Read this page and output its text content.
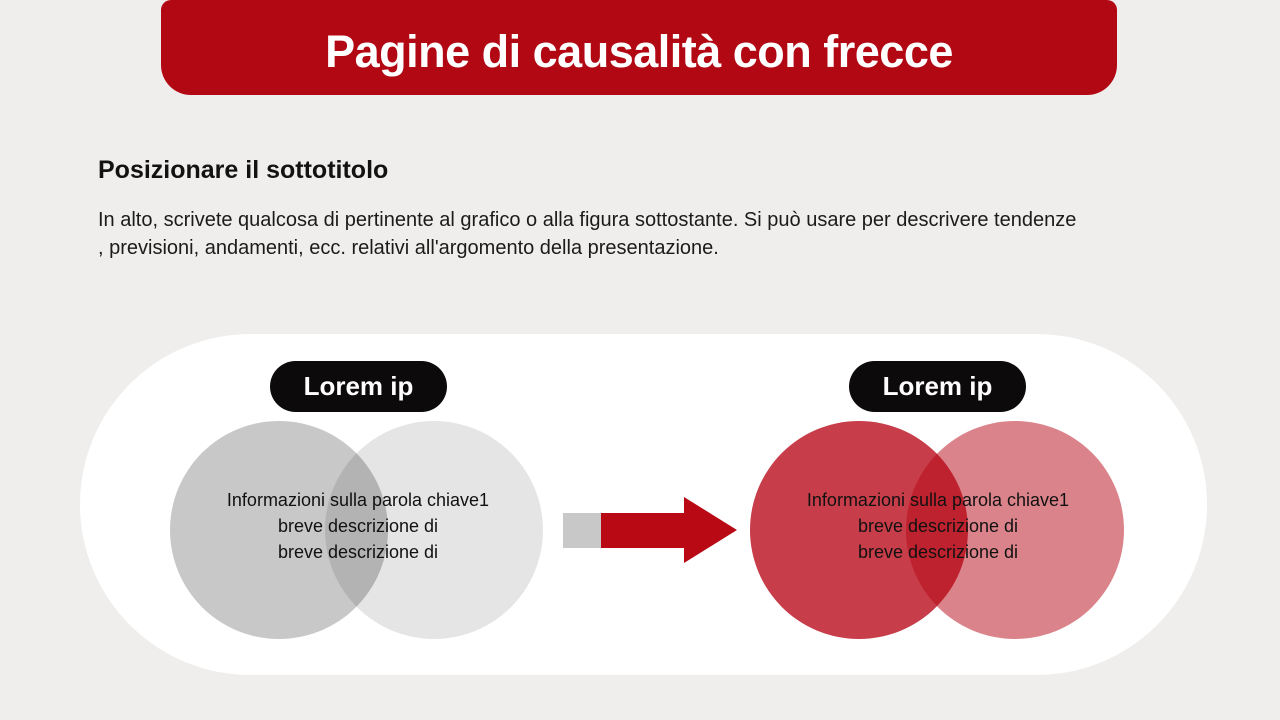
Pagine di causalità con frecce
Posizionare il sottotitolo
In alto, scrivete qualcosa di pertinente al grafico o alla figura sottostante. Si può usare per descrivere tendenze
, previsioni, andamenti, ecc. relativi all'argomento della presentazione.
Lorem ip
Informazioni sulla parola chiave1
breve descrizione di
breve descrizione di
Lorem ip
Informazioni sulla parola chiave1
breve descrizione di
breve descrizione di
